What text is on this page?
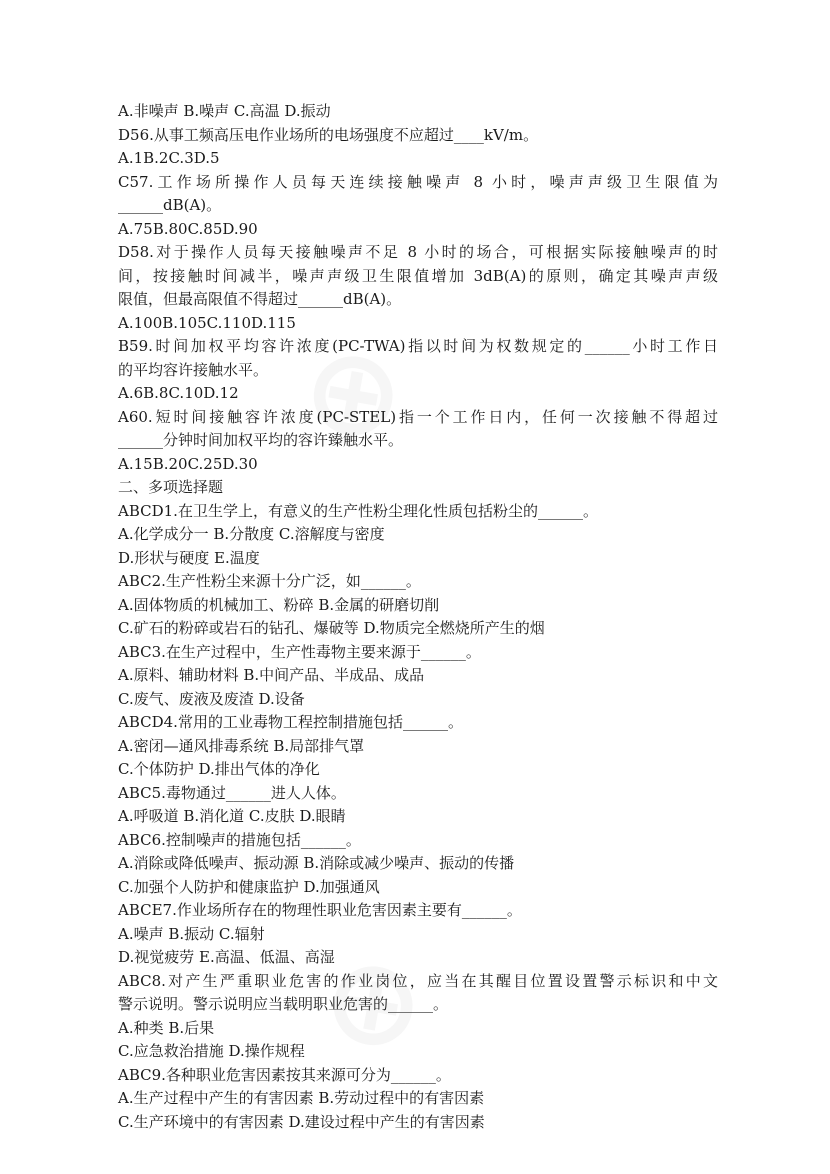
A.非噪声 B.噪声 C.高温 D.振动
D56.从事工频高压电作业场所的电场强度不应超过____kV/m。
A.1B.2C.3D.5
C57.工作场所操作人员每天连续接触噪声 8 小时，噪声声级卫生限值为
______dB(A)。
A.75B.80C.85D.90
D58.对于操作人员每天接触噪声不足 8 小时的场合，可根据实际接触噪声的时
间，按接触时间减半，噪声声级卫生限值增加 3dB(A)的原则，确定其噪声声级
限值，但最高限值不得超过______dB(A)。
A.100B.105C.110D.115
B59.时间加权平均容许浓度(PC-TWA)指以时间为权数规定的______小时工作日
的平均容许接触水平。
A.6B.8C.10D.12
A60.短时间接触容许浓度(PC-STEL)指一个工作日内，任何一次接触不得超过
______分钟时间加权平均的容许臻触水平。
A.15B.20C.25D.30
二、多项选择题
ABCD1.在卫生学上，有意义的生产性粉尘理化性质包括粉尘的______。
A.化学成分一 B.分散度 C.溶解度与密度
D.形状与硬度 E.温度
ABC2.生产性粉尘来源十分广泛，如______。
A.固体物质的机械加工、粉碎 B.金属的研磨切削
C.矿石的粉碎或岩石的钻孔、爆破等 D.物质完全燃烧所产生的烟
ABC3.在生产过程中，生产性毒物主要来源于______。
A.原料、辅助材料 B.中间产品、半成品、成品
C.废气、废液及废渣 D.设备
ABCD4.常用的工业毒物工程控制措施包括______。
A.密闭—通风排毒系统 B.局部排气罩
C.个体防护 D.排出气体的净化
ABC5.毒物通过______进人人体。
A.呼吸道 B.消化道 C.皮肤 D.眼睛
ABC6.控制噪声的措施包括______。
A.消除或降低噪声、振动源 B.消除或减少噪声、振动的传播
C.加强个人防护和健康监护 D.加强通风
ABCE7.作业场所存在的物理性职业危害因素主要有______。
A.噪声 B.振动 C.辐射
D.视觉疲劳 E.高温、低温、高湿
ABC8.对产生严重职业危害的作业岗位，应当在其醒目位置设置警示标识和中文
警示说明。警示说明应当载明职业危害的______。
A.种类 B.后果
C.应急救治措施 D.操作规程
ABC9.各种职业危害因素按其来源可分为______。
A.生产过程中产生的有害因素 B.劳动过程中的有害因素
C.生产环境中的有害因素 D.建设过程中产生的有害因素
